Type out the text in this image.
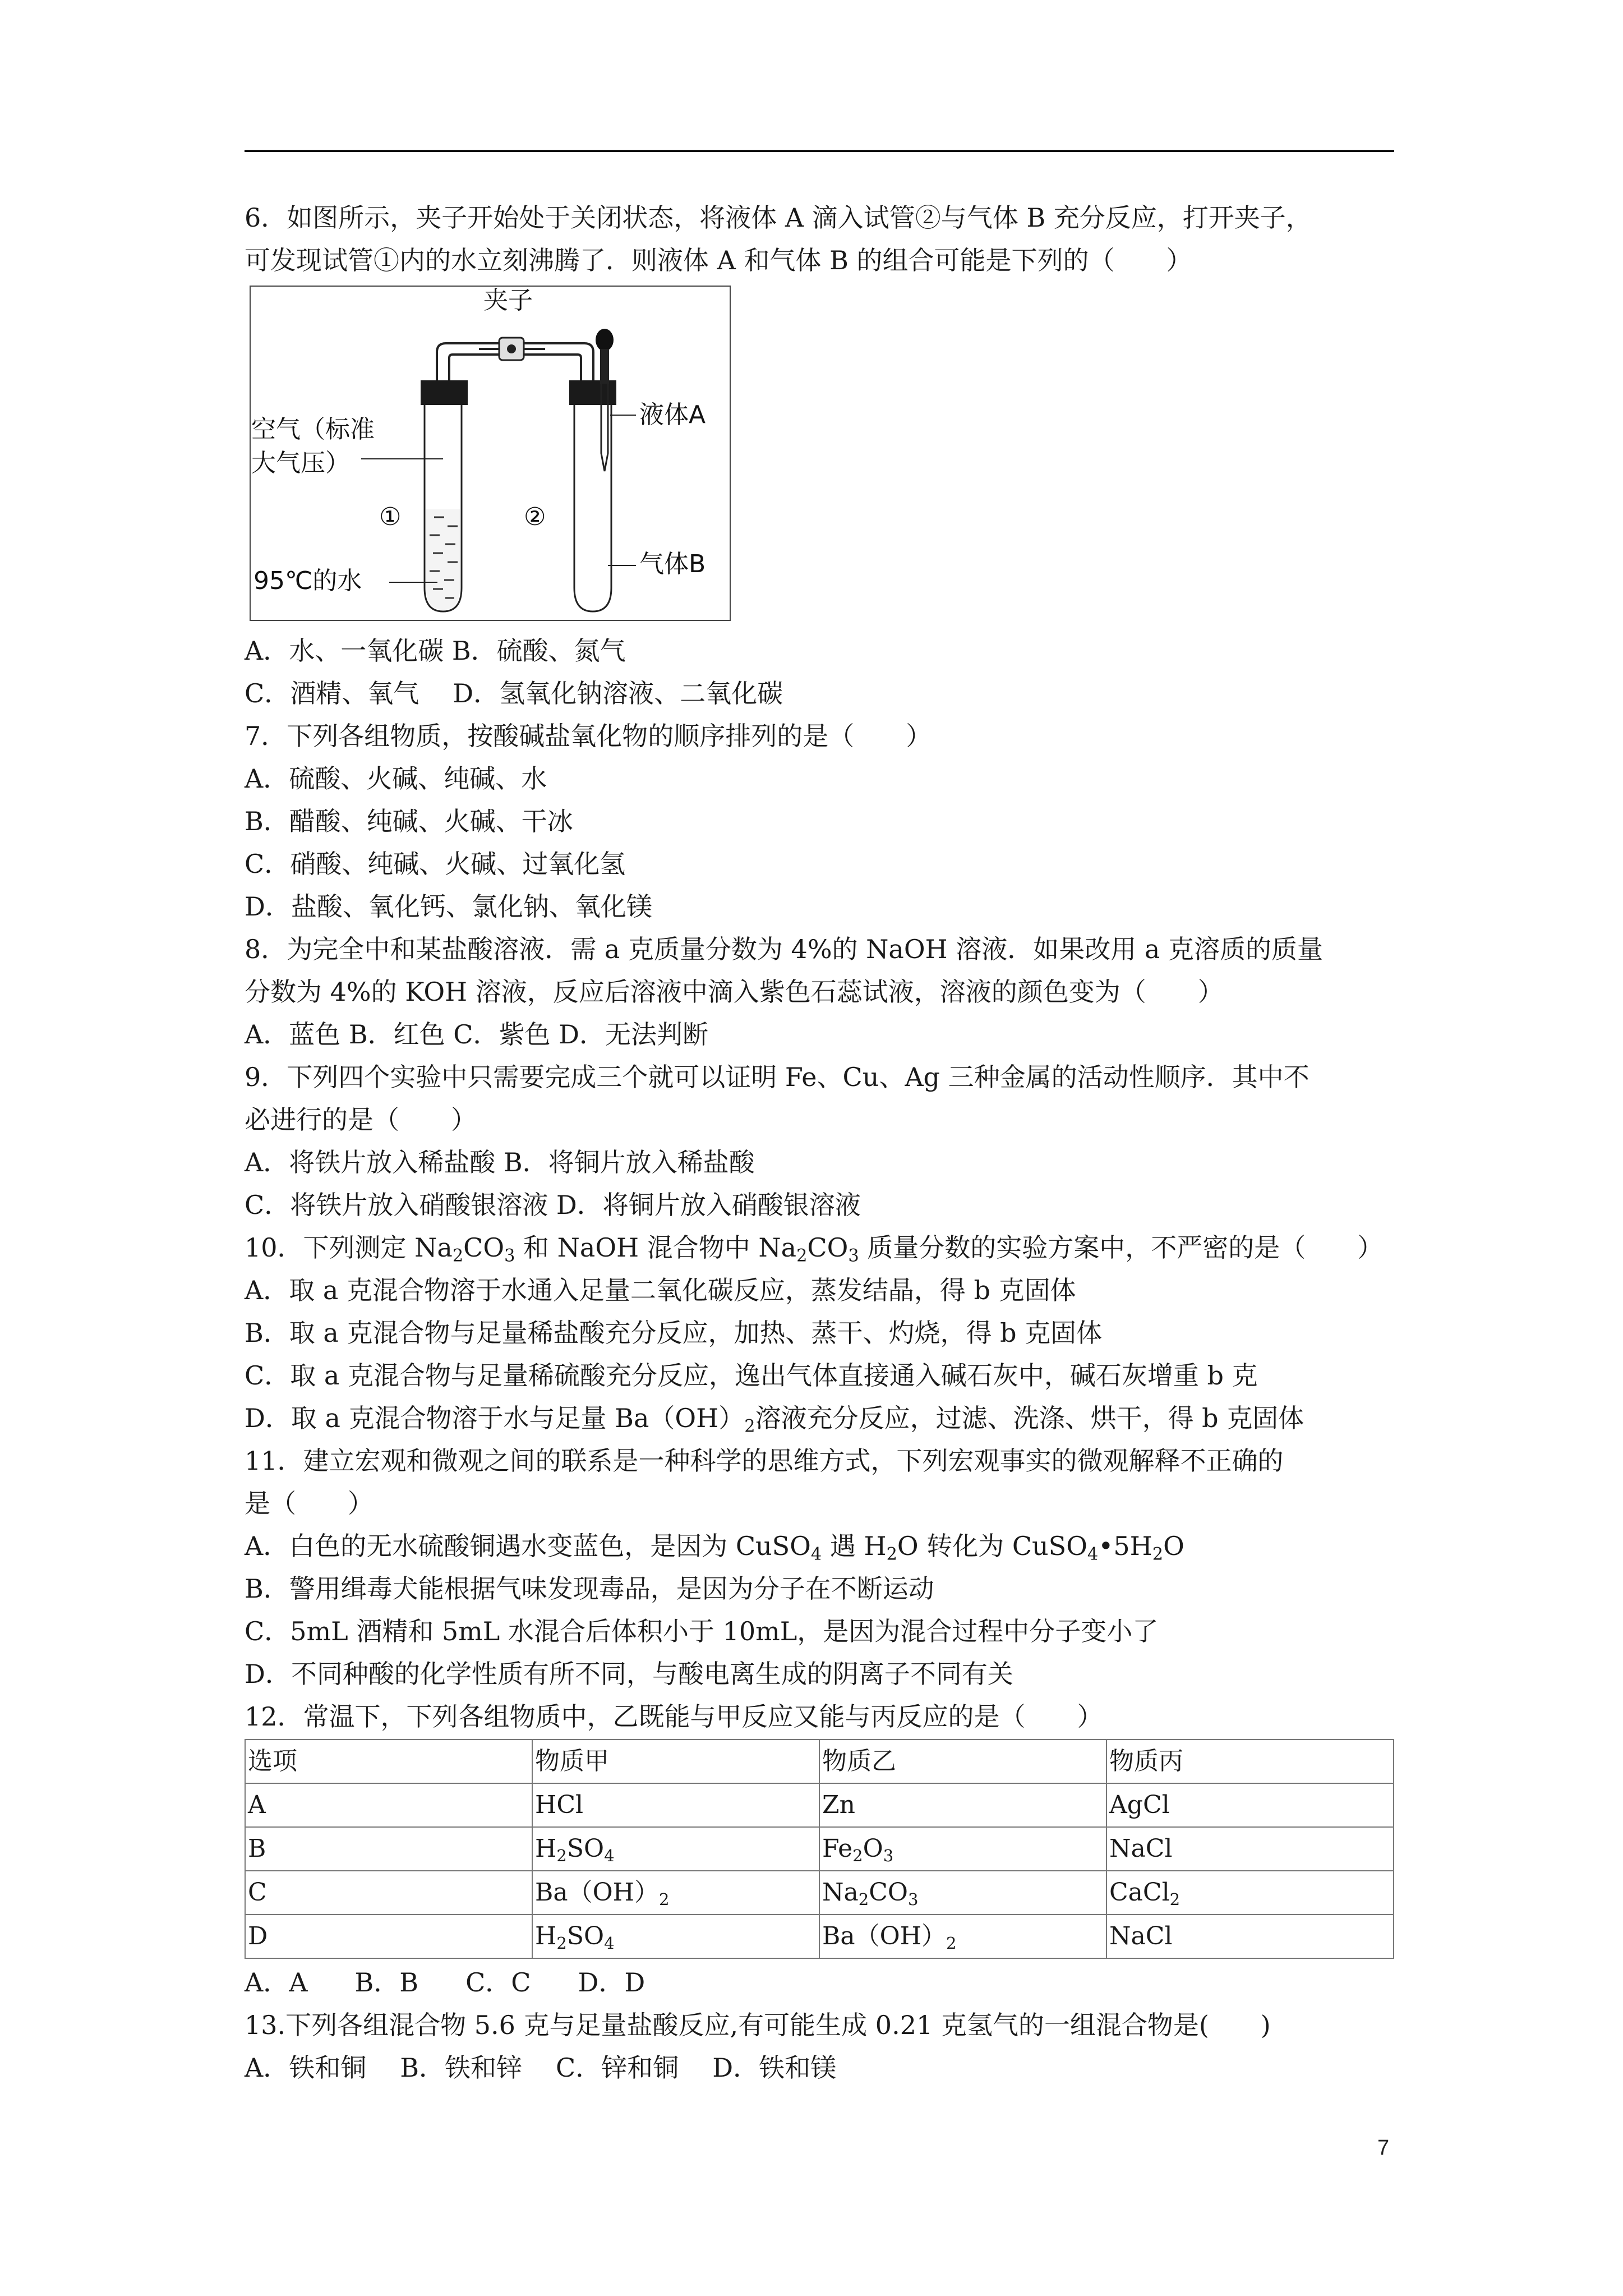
6．如图所示，夹子开始处于关闭状态，将液体 A 滴入试管②与气体 B 充分反应，打开夹子，
可发现试管①内的水立刻沸腾了．则液体 A 和气体 B 的组合可能是下列的（　　）
夹子
液体A
空气（标准
大气压）
①	②
95℃的水
气体B
A．水、一氧化碳 B．硫酸、氮气
C．酒精、氧气 D．氢氧化钠溶液、二氧化碳
7．下列各组物质，按酸碱盐氧化物的顺序排列的是（　　）
A．硫酸、火碱、纯碱、水
B．醋酸、纯碱、火碱、干冰
C．硝酸、纯碱、火碱、过氧化氢
D．盐酸、氧化钙、氯化钠、氧化镁
8．为完全中和某盐酸溶液．需 a 克质量分数为 4%的 NaOH 溶液．如果改用 a 克溶质的质量
分数为 4%的 KOH 溶液，反应后溶液中滴入紫色石蕊试液，溶液的颜色变为（　　）
A．蓝色 B．红色 C．紫色 D．无法判断
9．下列四个实验中只需要完成三个就可以证明 Fe、Cu、Ag 三种金属的活动性顺序．其中不
必进行的是（　　）
A．将铁片放入稀盐酸 B．将铜片放入稀盐酸
C．将铁片放入硝酸银溶液 D．将铜片放入硝酸银溶液
10．下列测定 $Na_2CO_3$ 和 NaOH 混合物中 $Na_2CO_3$ 质量分数的实验方案中，不严密的是（　　）
A．取 a 克混合物溶于水通入足量二氧化碳反应，蒸发结晶，得 b 克固体
B．取 a 克混合物与足量稀盐酸充分反应，加热、蒸干、灼烧，得 b 克固体
C．取 a 克混合物与足量稀硫酸充分反应，逸出气体直接通入碱石灰中，碱石灰增重 b 克
D．取 a 克混合物溶于水与足量 $Ba(OH)_2$溶液充分反应，过滤、洗涤、烘干，得 b 克固体
11．建立宏观和微观之间的联系是一种科学的思维方式，下列宏观事实的微观解释不正确的
是（　　）
A．白色的无水硫酸铜遇水变蓝色，是因为 CuSO$_4$ 遇 $H_2O$ 转化为 $CuSO_4•5H_2O$
B．警用缉毒犬能根据气味发现毒品，是因为分子在不断运动
C．5mL 酒精和 5mL 水混合后体积小于 10mL，是因为混合过程中分子变小了
D．不同种酸的化学性质有所不同，与酸电离生成的阴离子不同有关
12．常温下，下列各组物质中，乙既能与甲反应又能与丙反应的是（　　）
选项	物质甲	物质乙	物质丙
A	HCl	Zn	AgCl
B	$H_2SO_4$	$Fe_2O_3$	NaCl
C	$Ba(OH)_2$	$Na_2CO_3$	CaCl$_2$
D	$H_2SO_4$	$Ba(OH)_2$	NaCl
A．A B．B C．C D．D
13.下列各组混合物 5.6 克与足量盐酸反应,有可能生成 0.21 克氢气的一组混合物是(　　)
A．铁和铜 B．铁和锌 C．锌和铜 D．铁和镁
7
